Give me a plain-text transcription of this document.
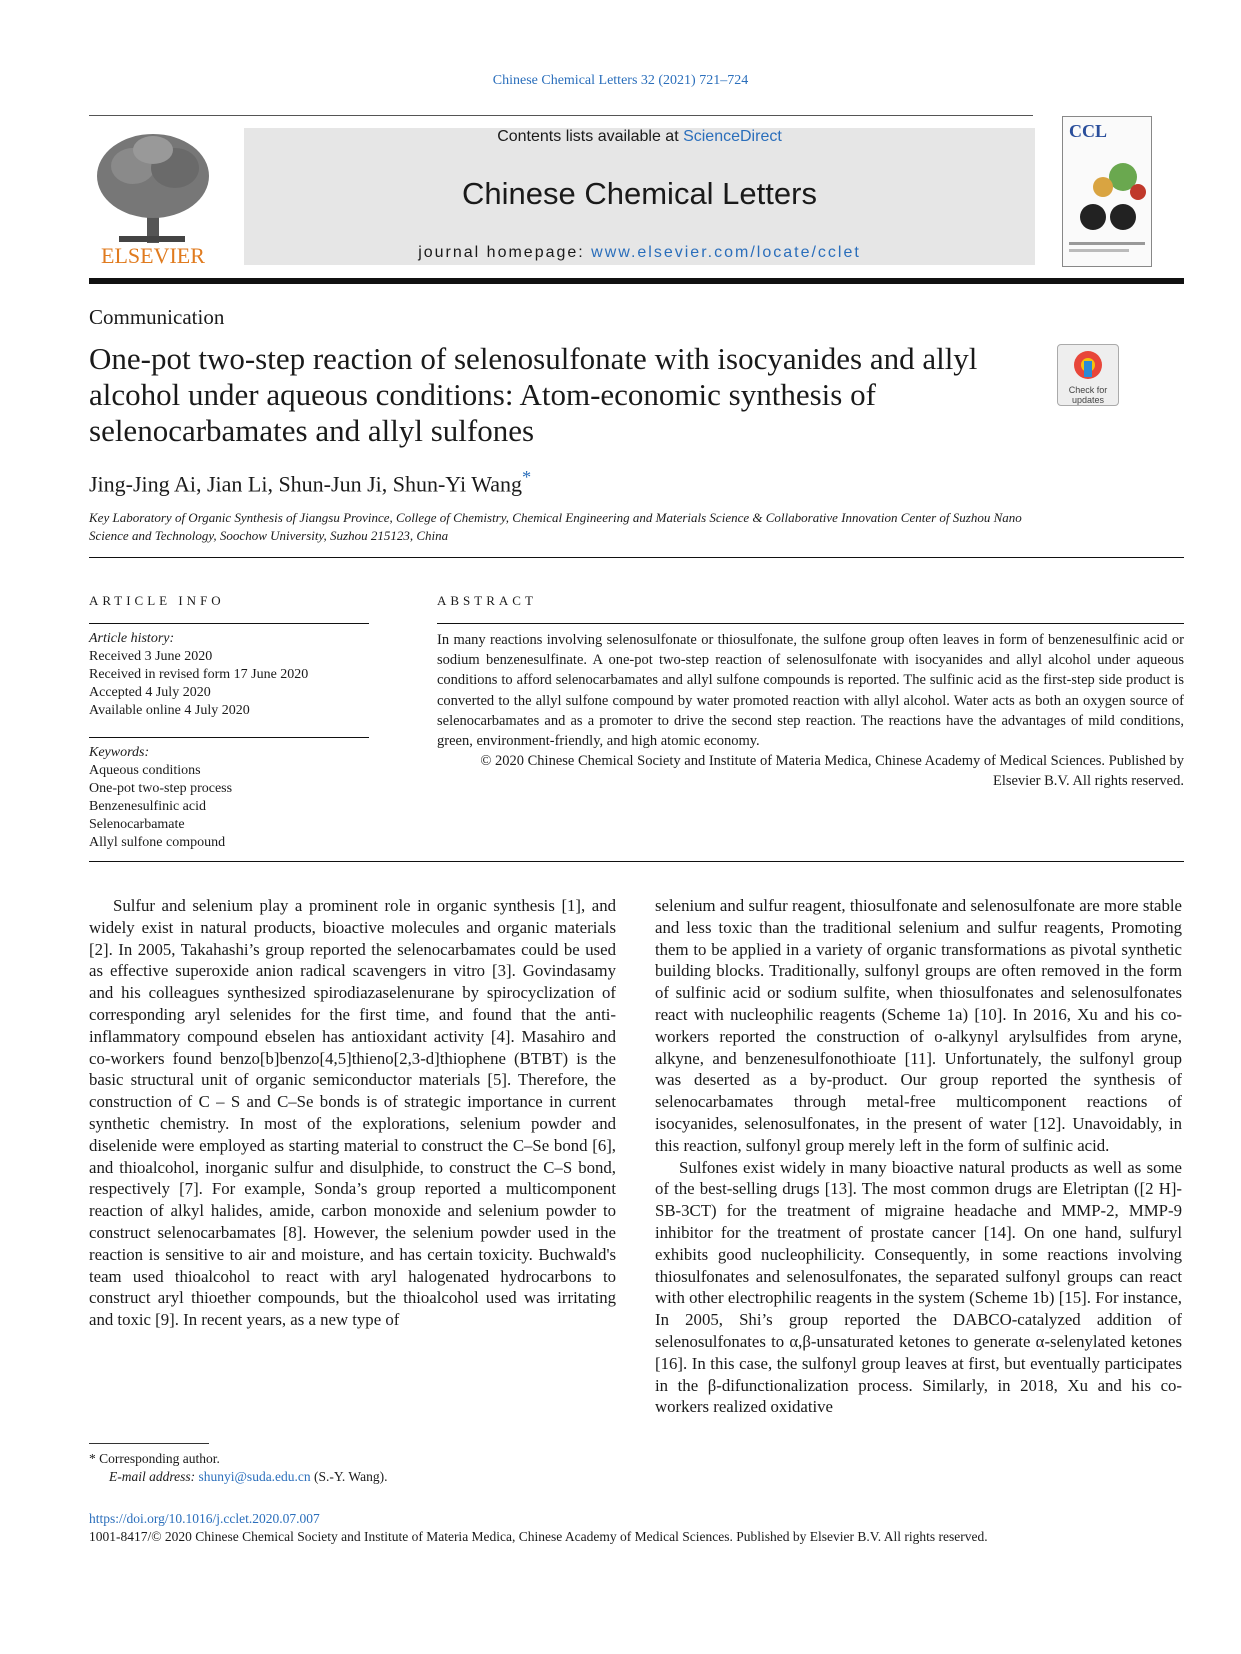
Chinese Chemical Letters 32 (2021) 721–724
ELSEVIER
Contents lists available at ScienceDirect
Chinese Chemical Letters
journal homepage: www.elsevier.com/locate/cclet
CCL
Communication
One-pot two-step reaction of selenosulfonate with isocyanides and allyl alcohol under aqueous conditions: Atom-economic synthesis of selenocarbamates and allyl sulfones
Check for updates
Jing-Jing Ai, Jian Li, Shun-Jun Ji, Shun-Yi Wang*
Key Laboratory of Organic Synthesis of Jiangsu Province, College of Chemistry, Chemical Engineering and Materials Science & Collaborative Innovation Center of Suzhou Nano Science and Technology, Soochow University, Suzhou 215123, China
ARTICLE INFO	ABSTRACT
Article history:
Received 3 June 2020
Received in revised form 17 June 2020
Accepted 4 July 2020
Available online 4 July 2020
Keywords:
Aqueous conditions
One-pot two-step process
Benzenesulfinic acid
Selenocarbamate
Allyl sulfone compound
In many reactions involving selenosulfonate or thiosulfonate, the sulfone group often leaves in form of benzenesulfinic acid or sodium benzenesulfinate. A one-pot two-step reaction of selenosulfonate with isocyanides and allyl alcohol under aqueous conditions to afford selenocarbamates and allyl sulfone compounds is reported. The sulfinic acid as the first-step side product is converted to the allyl sulfone compound by water promoted reaction with allyl alcohol. Water acts as both an oxygen source of selenocarbamates and as a promoter to drive the second step reaction. The reactions have the advantages of mild conditions, green, environment-friendly, and high atomic economy.
© 2020 Chinese Chemical Society and Institute of Materia Medica, Chinese Academy of Medical Sciences. Published by Elsevier B.V. All rights reserved.

Sulfur and selenium play a prominent role in organic synthesis [1], and widely exist in natural products, bioactive molecules and organic materials [2]. In 2005, Takahashi’s group reported the selenocarbamates could be used as effective superoxide anion radical scavengers in vitro [3]. Govindasamy and his colleagues synthesized spirodiazaselenurane by spirocyclization of corresponding aryl selenides for the first time, and found that the anti-inflammatory compound ebselen has antioxidant activity [4]. Masahiro and co-workers found benzo[b]benzo[4,5]thieno[2,3-d]thiophene (BTBT) is the basic structural unit of organic semiconductor materials [5]. Therefore, the construction of C – S and C–Se bonds is of strategic importance in current synthetic chemistry. In most of the explorations, selenium powder and diselenide were employed as starting material to construct the C–Se bond [6], and thioalcohol, inorganic sulfur and disulphide, to construct the C–S bond, respectively [7]. For example, Sonda’s group reported a multicomponent reaction of alkyl halides, amide, carbon monoxide and selenium powder to construct selenocarbamates [8]. However, the selenium powder used in the reaction is sensitive to air and moisture, and has certain toxicity. Buchwald's team used thioalcohol to react with aryl halogenated hydrocarbons to construct aryl thioether compounds, but the thioalcohol used was irritating and toxic [9]. In recent years, as a new type of

selenium and sulfur reagent, thiosulfonate and selenosulfonate are more stable and less toxic than the traditional selenium and sulfur reagents, Promoting them to be applied in a variety of organic transformations as pivotal synthetic building blocks. Traditionally, sulfonyl groups are often removed in the form of sulfinic acid or sodium sulfite, when thiosulfonates and selenosulfonates react with nucleophilic reagents (Scheme 1a) [10]. In 2016, Xu and his co-workers reported the construction of o-alkynyl arylsulfides from aryne, alkyne, and benzenesulfonothioate [11]. Unfortunately, the sulfonyl group was deserted as a by-product. Our group reported the synthesis of selenocarbamates through metal-free multicomponent reactions of isocyanides, selenosulfonates, in the present of water [12]. Unavoidably, in this reaction, sulfonyl group merely left in the form of sulfinic acid.

Sulfones exist widely in many bioactive natural products as well as some of the best-selling drugs [13]. The most common drugs are Eletriptan ([2 H]-SB-3CT) for the treatment of migraine headache and MMP-2, MMP-9 inhibitor for the treatment of prostate cancer [14]. On one hand, sulfuryl exhibits good nucleophilicity. Consequently, in some reactions involving thiosulfonates and selenosulfonates, the separated sulfonyl groups can react with other electrophilic reagents in the system (Scheme 1b) [15]. For instance, In 2005, Shi’s group reported the DABCO-catalyzed addition of selenosulfonates to α,β-unsaturated ketones to generate α-selenylated ketones [16]. In this case, the sulfonyl group leaves at first, but eventually participates in the β-difunctionalization process. Similarly, in 2018, Xu and his co-workers realized oxidative

* Corresponding author.
E-mail address: shunyi@suda.edu.cn (S.-Y. Wang).
https://doi.org/10.1016/j.cclet.2020.07.007
1001-8417/© 2020 Chinese Chemical Society and Institute of Materia Medica, Chinese Academy of Medical Sciences. Published by Elsevier B.V. All rights reserved.
